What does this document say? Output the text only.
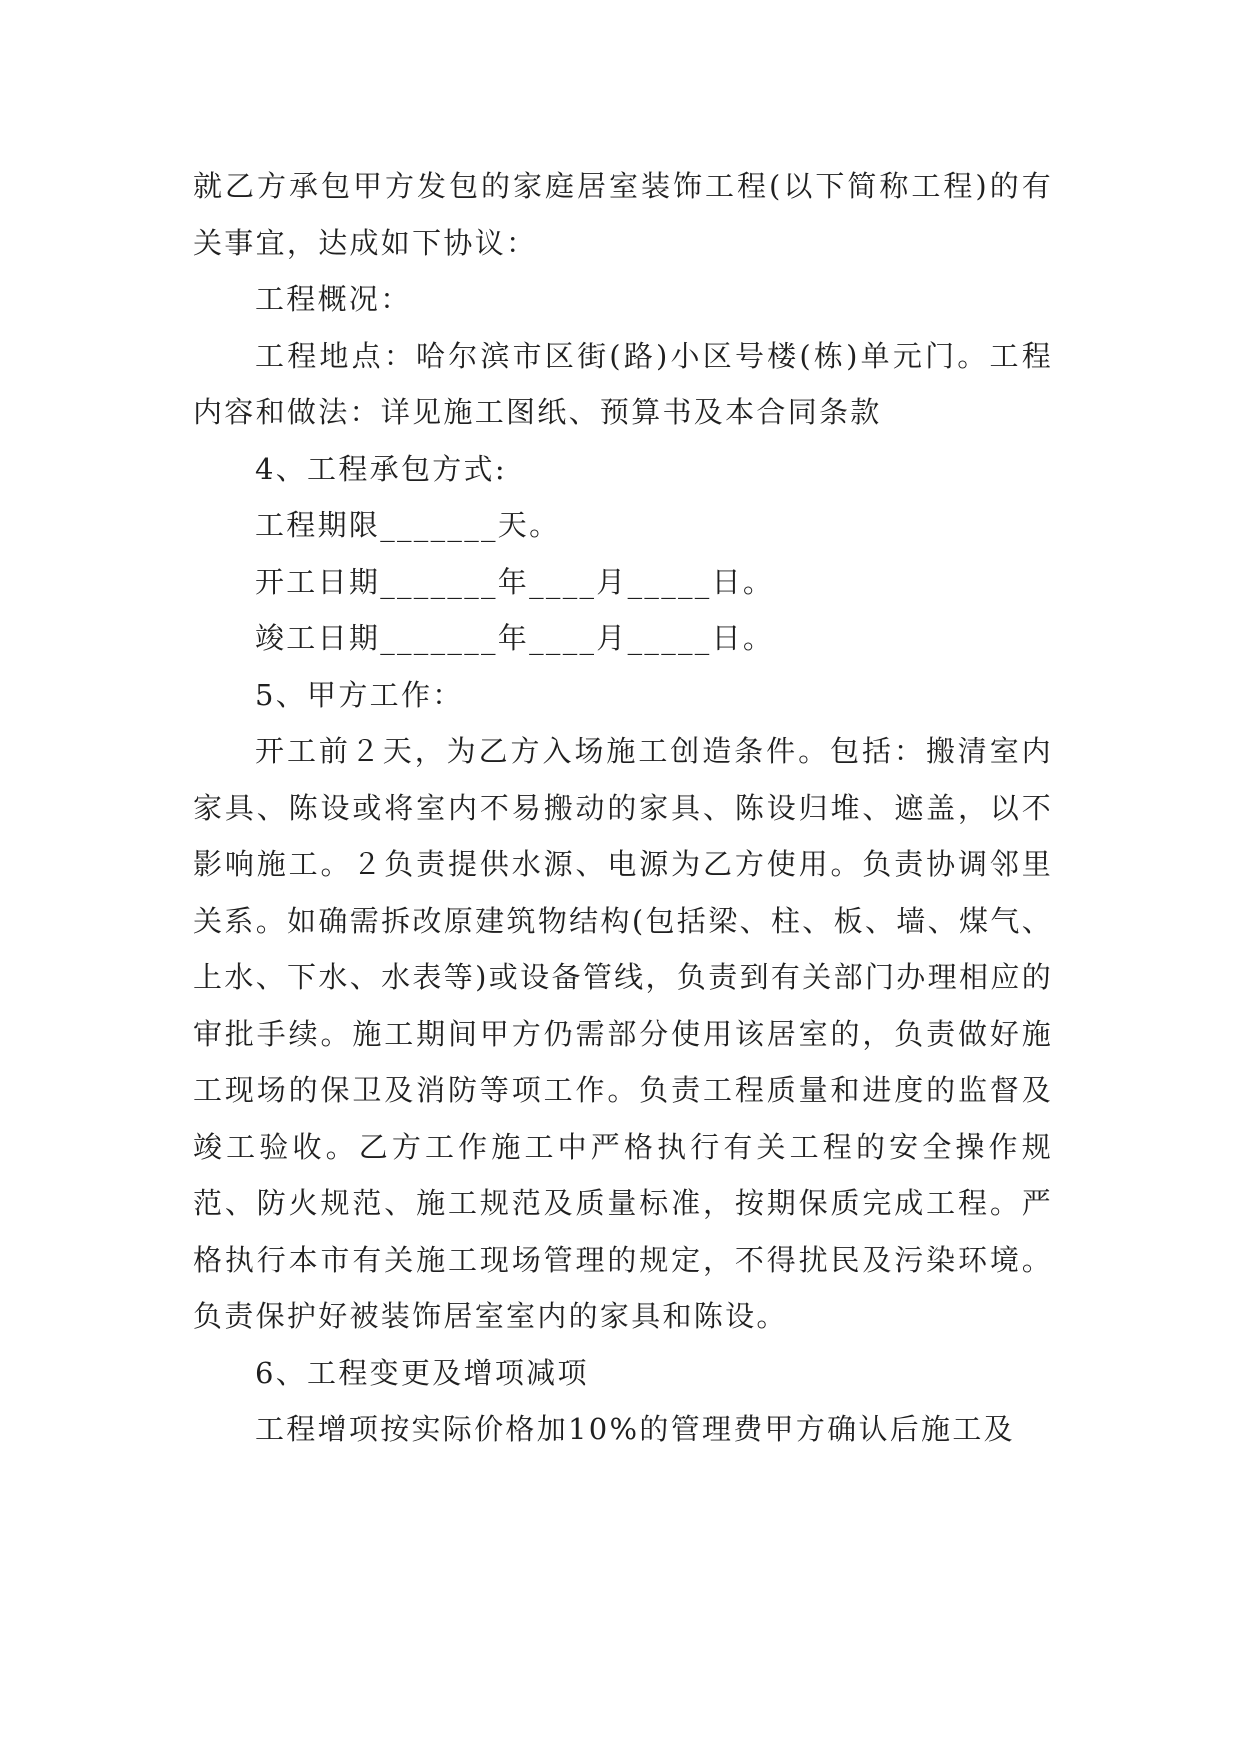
就乙方承包甲方发包的家庭居室装饰工程(以下简称工程)的有关事宜，达成如下协议：

工程概况：

工程地点：哈尔滨市区街(路)小区号楼(栋)单元门。工程内容和做法：详见施工图纸、预算书及本合同条款

4、工程承包方式:

工程期限_______天。

开工日期_______年____月_____日。

竣工日期_______年____月_____日。

5、甲方工作：

开工前２天，为乙方入场施工创造条件。包括：搬清室内家具、陈设或将室内不易搬动的家具、陈设归堆、遮盖，以不影响施工。２负责提供水源、电源为乙方使用。负责协调邻里关系。如确需拆改原建筑物结构(包括梁、柱、板、墙、煤气、上水、下水、水表等)或设备管线，负责到有关部门办理相应的审批手续。施工期间甲方仍需部分使用该居室的，负责做好施工现场的保卫及消防等项工作。负责工程质量和进度的监督及竣工验收。乙方工作施工中严格执行有关工程的安全操作规范、防火规范、施工规范及质量标准，按期保质完成工程。严格执行本市有关施工现场管理的规定，不得扰民及污染环境。负责保护好被装饰居室室内的家具和陈设。

6、工程变更及增项减项

工程增项按实际价格加10%的管理费甲方确认后施工及
